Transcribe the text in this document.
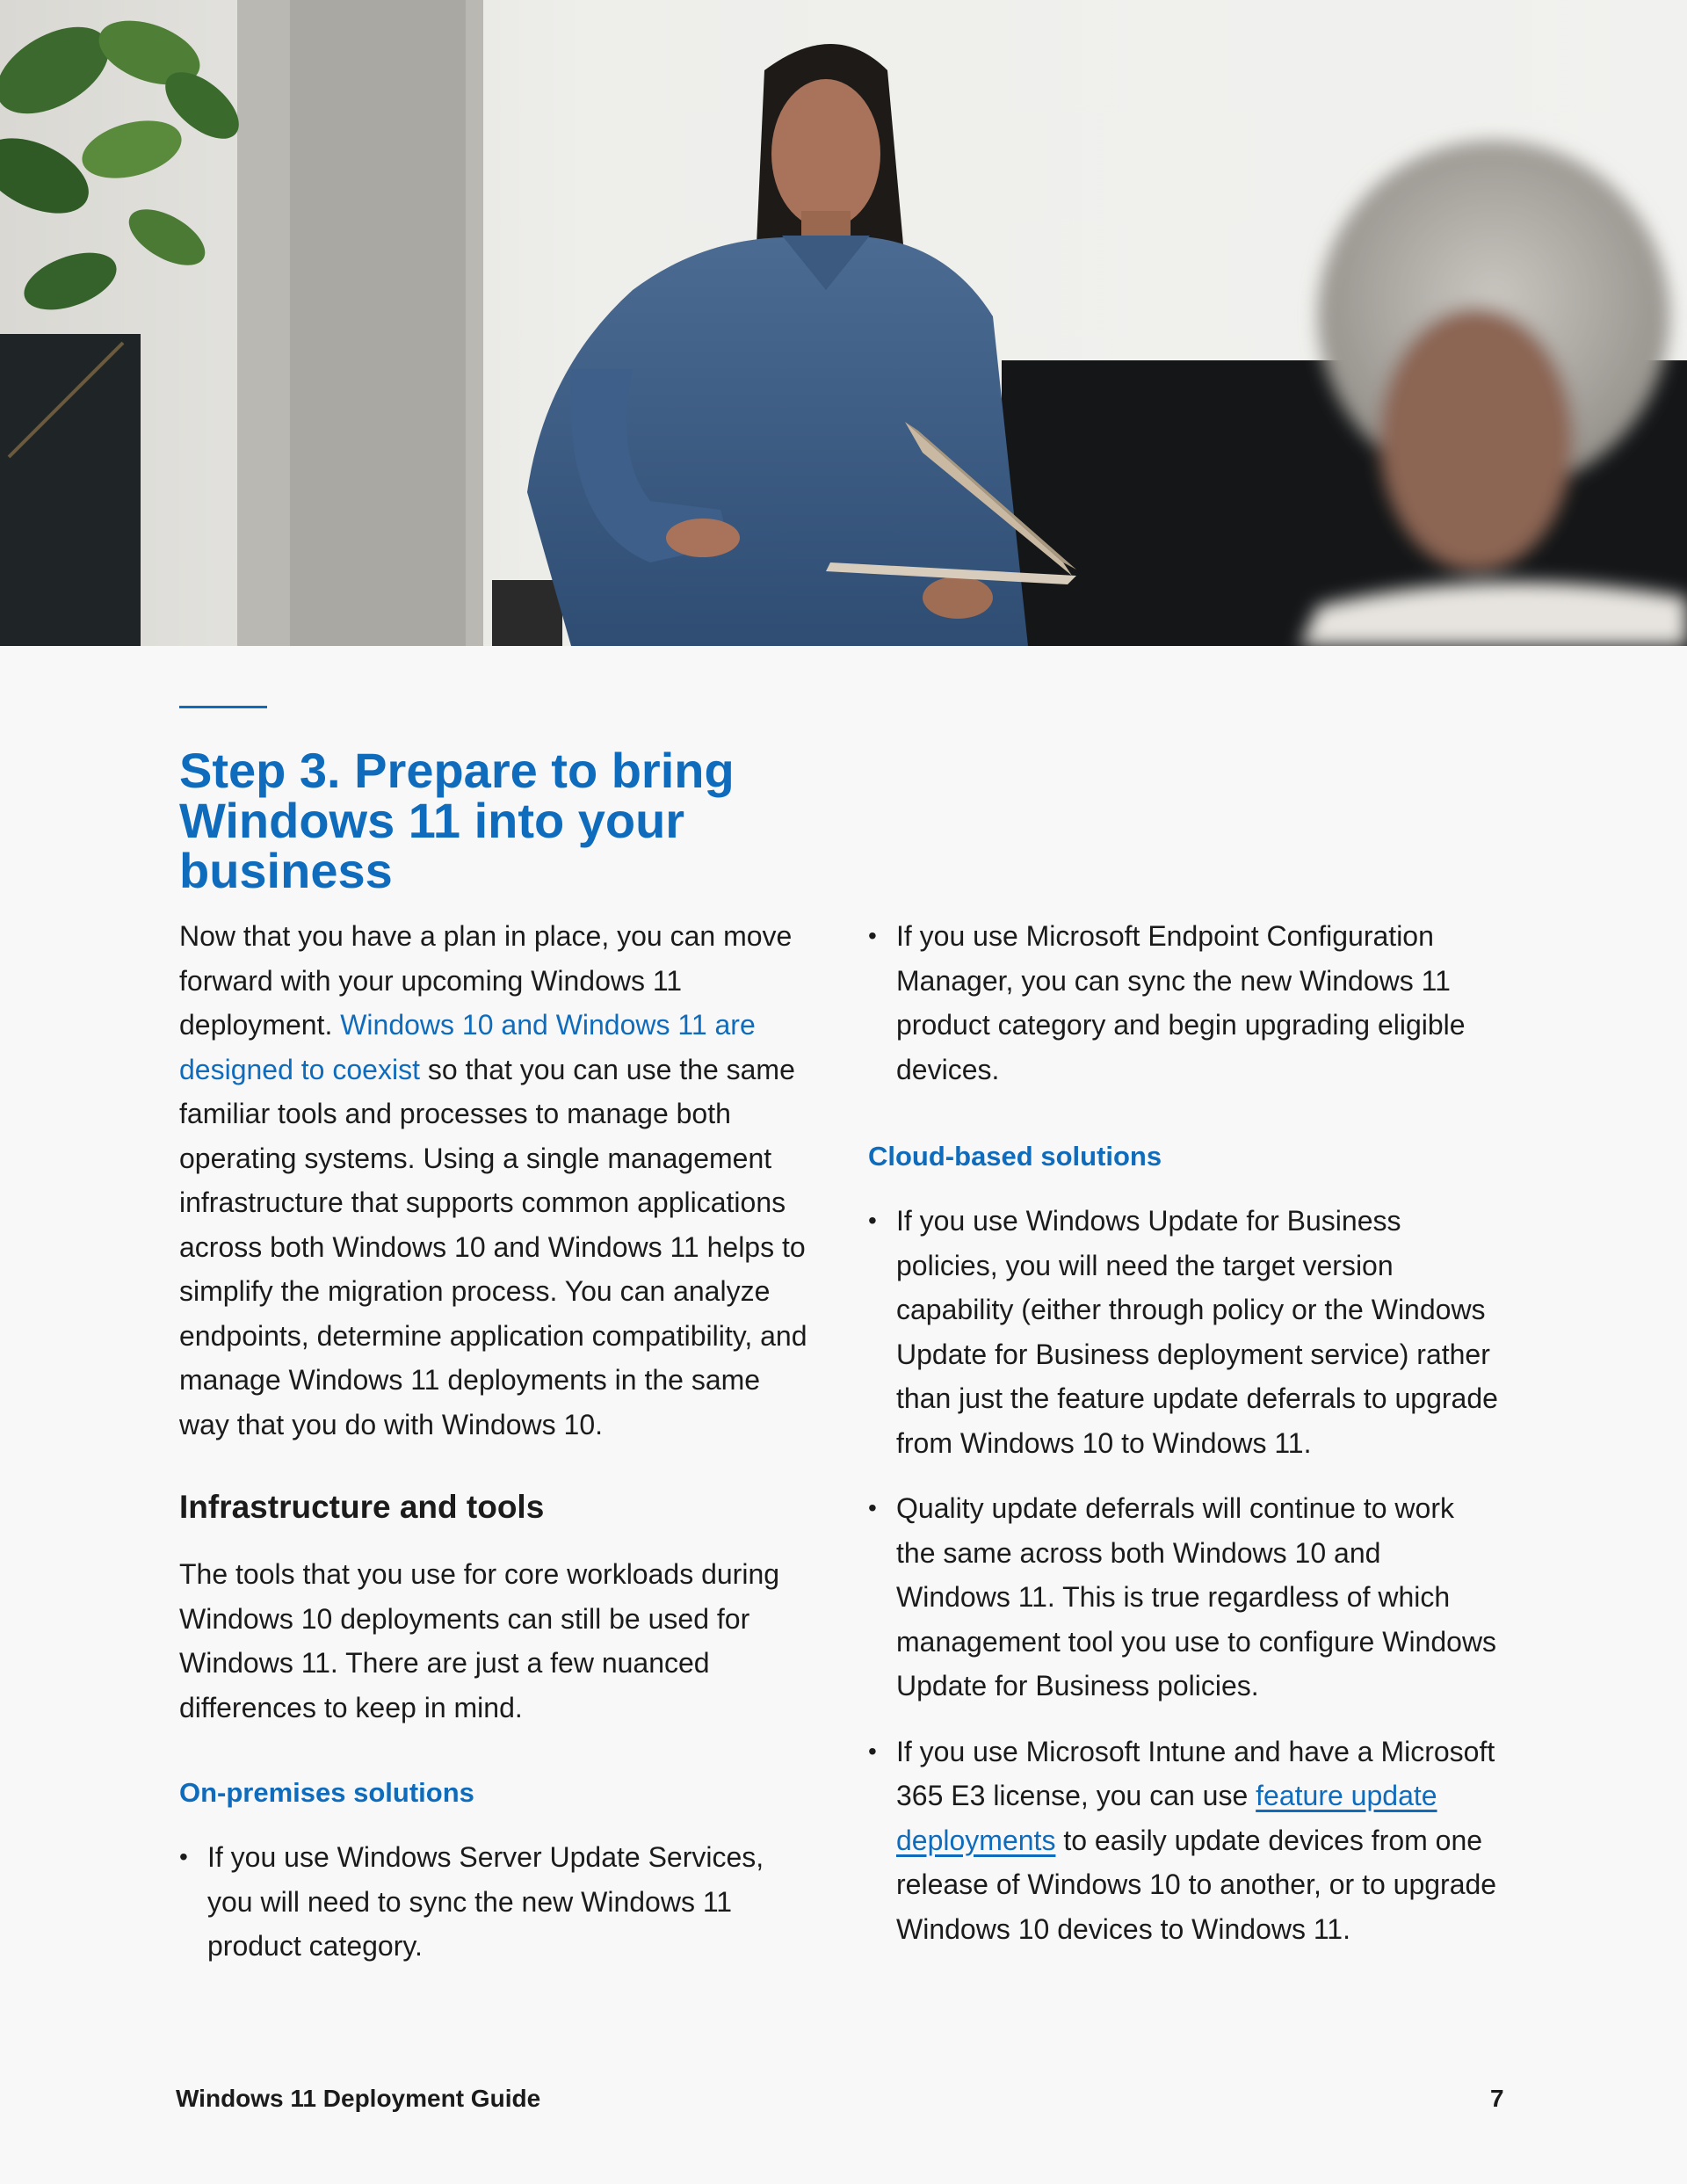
Step 3. Prepare to bring
Windows 11 into your
business

Now that you have a plan in place, you can move forward with your upcoming Windows 11 deployment. Windows 10 and Windows 11 are designed to coexist so that you can use the same familiar tools and processes to manage both operating systems. Using a single management infrastructure that supports common applications across both Windows 10 and Windows 11 helps to simplify the migration process. You can analyze endpoints, determine application compatibility, and manage Windows 11 deployments in the same way that you do with Windows 10.

Infrastructure and tools

The tools that you use for core workloads during Windows 10 deployments can still be used for Windows 11. There are just a few nuanced differences to keep in mind.

On-premises solutions
• If you use Windows Server Update Services, you will need to sync the new Windows 11 product category.
• If you use Microsoft Endpoint Configuration Manager, you can sync the new Windows 11 product category and begin upgrading eligible devices.
Cloud-based solutions
• If you use Windows Update for Business policies, you will need the target version capability (either through policy or the Windows Update for Business deployment service) rather than just the feature update deferrals to upgrade from Windows 10 to Windows 11.
• Quality update deferrals will continue to work the same across both Windows 10 and Windows 11. This is true regardless of which management tool you use to configure Windows Update for Business policies.
• If you use Microsoft Intune and have a Microsoft 365 E3 license, you can use feature update deployments to easily update devices from one release of Windows 10 to another, or to upgrade Windows 10 devices to Windows 11.
Windows 11 Deployment Guide	7
